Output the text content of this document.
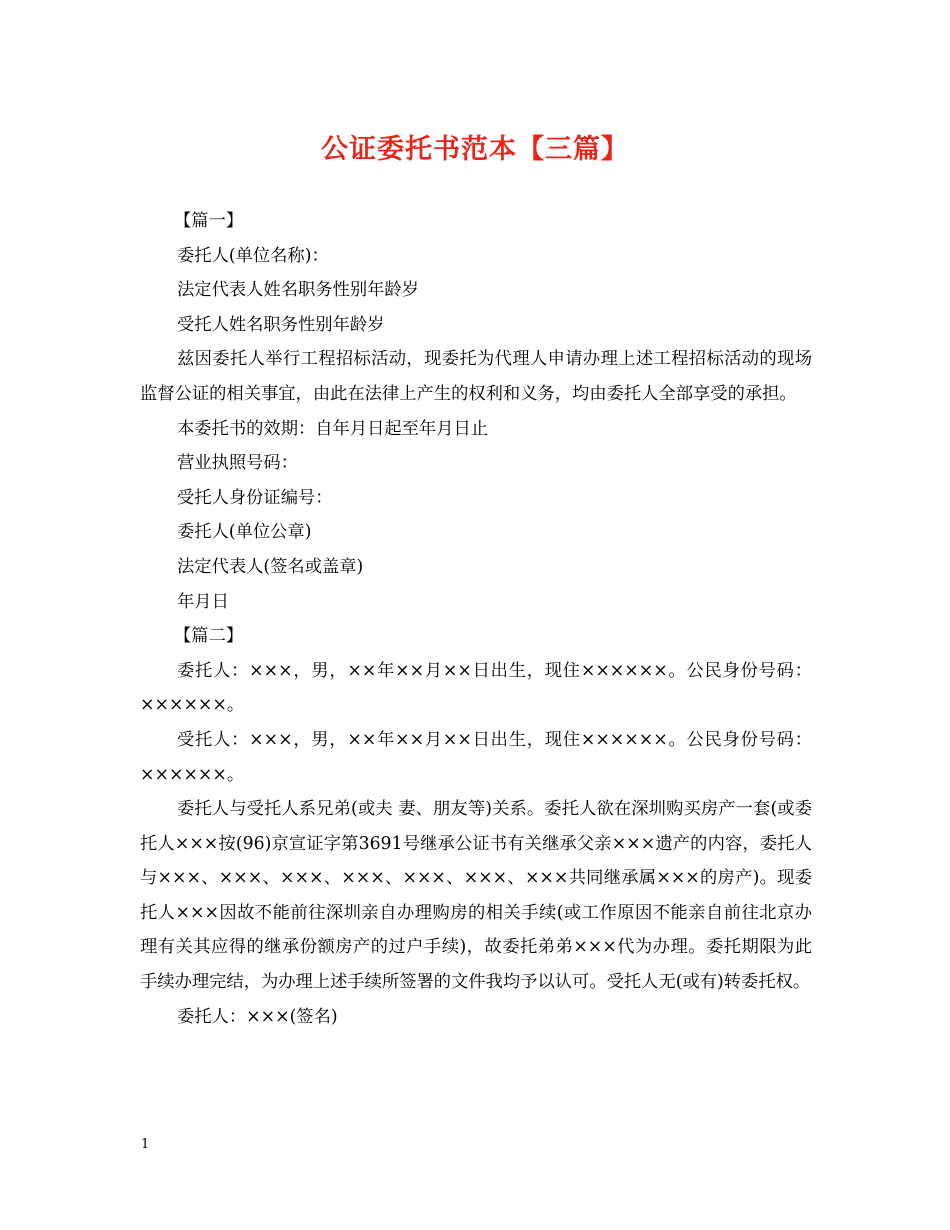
公证委托书范本【三篇】

【篇一】

委托人(单位名称)：

法定代表人姓名职务性别年龄岁

受托人姓名职务性别年龄岁

兹因委托人举行工程招标活动，现委托为代理人申请办理上述工程招标活动的现场监督公证的相关事宜，由此在法律上产生的权利和义务，均由委托人全部享受的承担。

本委托书的效期：自年月日起至年月日止

营业执照号码：

受托人身份证编号：

委托人(单位公章)

法定代表人(签名或盖章)

年月日

【篇二】

委托人：×××，男，××年××月××日出生，现住××××××。公民身份号码：××××××。

受托人：×××，男，××年××月××日出生，现住××××××。公民身份号码：××××××。

委托人与受托人系兄弟(或夫 妻、朋友等)关系。委托人欲在深圳购买房产一套(或委托人×××按(96)京宣证字第3691号继承公证书有关继承父亲×××遗产的内容，委托人与×××、×××、×××、×××、×××、×××、×××共同继承属×××的房产)。现委托人×××因故不能前往深圳亲自办理购房的相关手续(或工作原因不能亲自前往北京办理有关其应得的继承份额房产的过户手续)，故委托弟弟×××代为办理。委托期限为此手续办理完结，为办理上述手续所签署的文件我均予以认可。受托人无(或有)转委托权。

委托人：×××(签名)

1
